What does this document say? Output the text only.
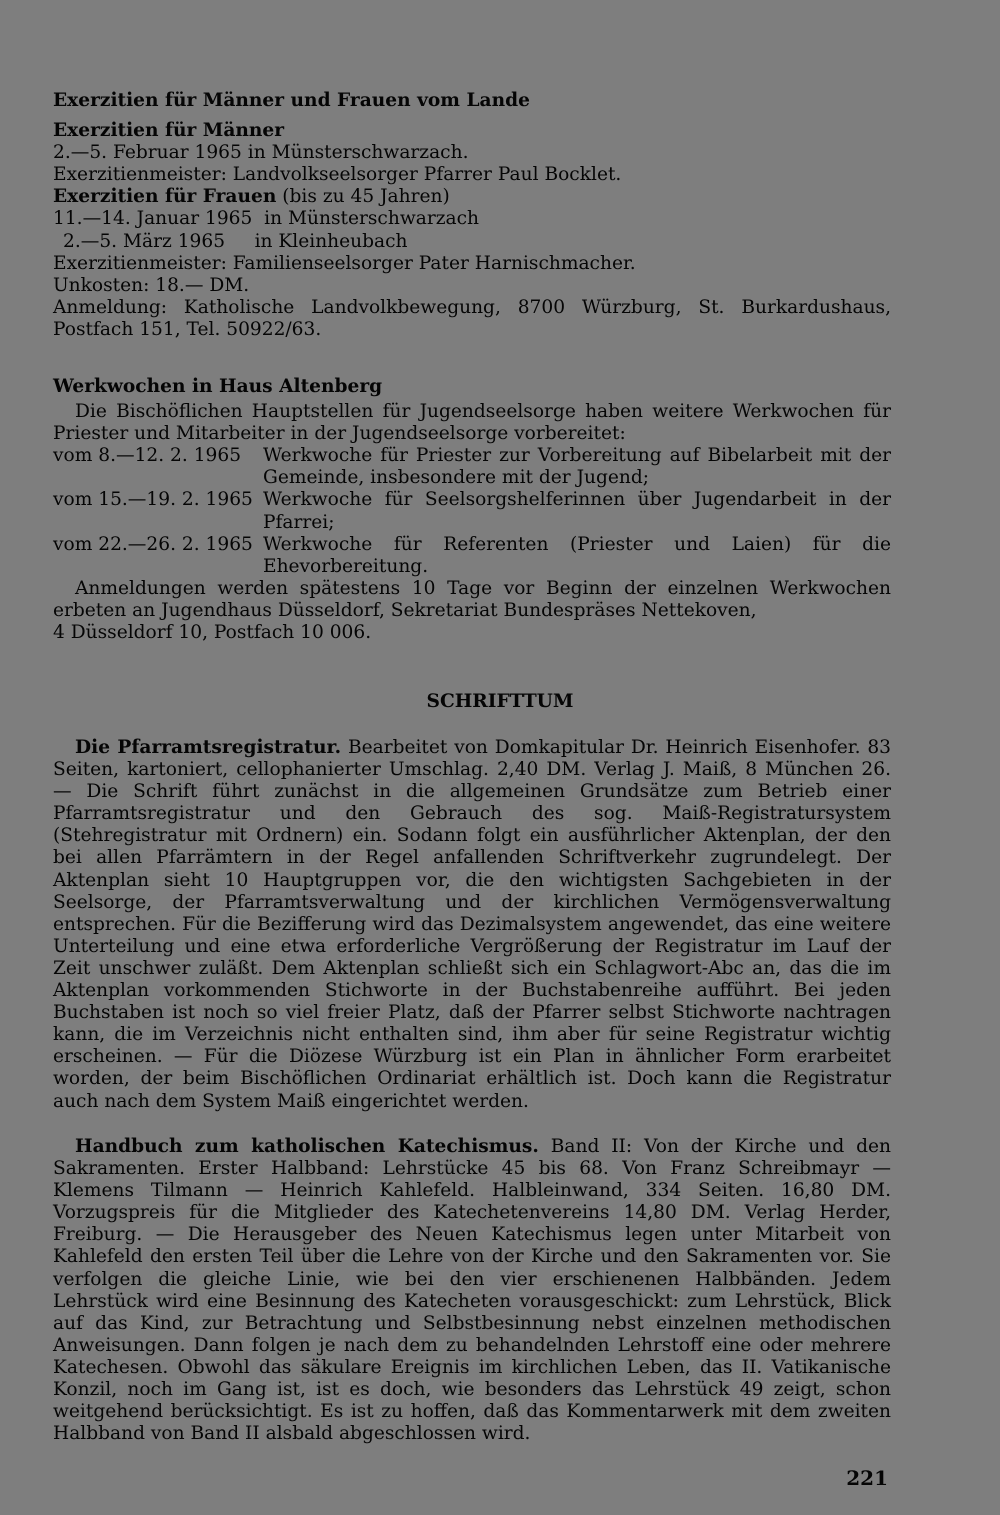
Exerzitien für Männer und Frauen vom Lande

Exerzitien für Männer

2.—5. Februar 1965 in Münsterschwarzach.

Exerzitienmeister: Landvolkseelsorger Pfarrer Paul Bocklet.

Exerzitien für Frauen (bis zu 45 Jahren)

11.—14. Januar 1965  in Münsterschwarzach

2.—5. März 1965     in Kleinheubach

Exerzitienmeister: Familienseelsorger Pater Harnischmacher.

Unkosten: 18.— DM.

Anmeldung: Katholische Landvolkbewegung, 8700 Würzburg, St. Burkardushaus, Postfach 151, Tel. 50922/63.

Werkwochen in Haus Altenberg

Die Bischöflichen Hauptstellen für Jugendseelsorge haben weitere Werkwochen für Priester und Mitarbeiter in der Jugendseelsorge vorbereitet:

vom 8.—12. 2. 1965	Werkwoche für Priester zur Vorbereitung auf Bibelarbeit mit der Gemeinde, insbesondere mit der Jugend;
vom 15.—19. 2. 1965 Werkwoche für Seelsorgshelferinnen über Jugendarbeit in der Pfarrei;
vom 22.—26. 2. 1965 Werkwoche für Referenten (Priester und Laien) für die Ehevorbereitung.

Anmeldungen werden spätestens 10 Tage vor Beginn der einzelnen Werkwochen erbeten an Jugendhaus Düsseldorf, Sekretariat Bundespräses Nettekoven,

4 Düsseldorf 10, Postfach 10 006.

SCHRIFTTUM

Die Pfarramtsregistratur. Bearbeitet von Domkapitular Dr. Heinrich Eisenhofer. 83 Seiten, kartoniert, cellophanierter Umschlag. 2,40 DM. Verlag J. Maiß, 8 München 26. — Die Schrift führt zunächst in die allgemeinen Grundsätze zum Betrieb einer Pfarramtsregistratur und den Gebrauch des sog. Maiß-Registratursystem (Stehregistratur mit Ordnern) ein. Sodann folgt ein ausführlicher Aktenplan, der den bei allen Pfarrämtern in der Regel anfallenden Schriftverkehr zugrundelegt. Der Aktenplan sieht 10 Hauptgruppen vor, die den wichtigsten Sachgebieten in der Seelsorge, der Pfarramtsverwaltung und der kirchlichen Vermögensverwaltung entsprechen. Für die Bezifferung wird das Dezimalsystem angewendet, das eine weitere Unterteilung und eine etwa erforderliche Vergrößerung der Registratur im Lauf der Zeit unschwer zuläßt. Dem Aktenplan schließt sich ein Schlagwort-Abc an, das die im Aktenplan vorkommenden Stichworte in der Buchstabenreihe aufführt. Bei jeden Buchstaben ist noch so viel freier Platz, daß der Pfarrer selbst Stichworte nachtragen kann, die im Verzeichnis nicht enthalten sind, ihm aber für seine Registratur wichtig erscheinen. — Für die Diözese Würzburg ist ein Plan in ähnlicher Form erarbeitet worden, der beim Bischöflichen Ordinariat erhältlich ist. Doch kann die Registratur auch nach dem System Maiß eingerichtet werden.

Handbuch zum katholischen Katechismus. Band II: Von der Kirche und den Sakramenten. Erster Halbband: Lehrstücke 45 bis 68. Von Franz Schreibmayr — Klemens Tilmann — Heinrich Kahlefeld. Halbleinwand, 334 Seiten. 16,80 DM. Vorzugspreis für die Mitglieder des Katechetenvereins 14,80 DM. Verlag Herder, Freiburg. — Die Herausgeber des Neuen Katechismus legen unter Mitarbeit von Kahlefeld den ersten Teil über die Lehre von der Kirche und den Sakramenten vor. Sie verfolgen die gleiche Linie, wie bei den vier erschienenen Halbbänden. Jedem Lehrstück wird eine Besinnung des Katecheten vorausgeschickt: zum Lehrstück, Blick auf das Kind, zur Betrachtung und Selbstbesinnung nebst einzelnen methodischen Anweisungen. Dann folgen je nach dem zu behandelnden Lehrstoff eine oder mehrere Katechesen. Obwohl das säkulare Ereignis im kirchlichen Leben, das II. Vatikanische Konzil, noch im Gang ist, ist es doch, wie besonders das Lehrstück 49 zeigt, schon weitgehend berücksichtigt. Es ist zu hoffen, daß das Kommentarwerk mit dem zweiten Halbband von Band II alsbald abgeschlossen wird.

221
